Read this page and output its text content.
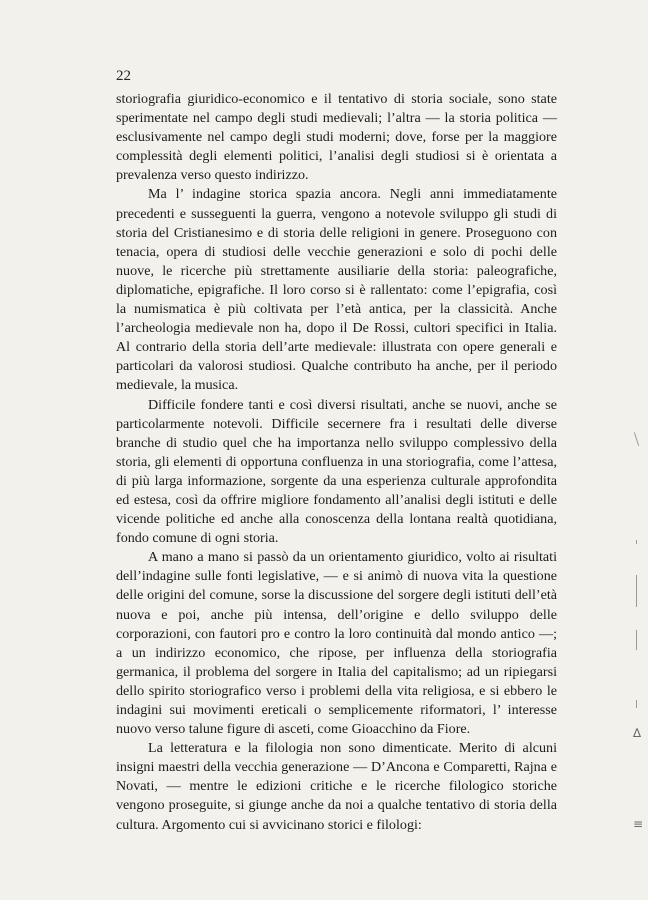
22

storiografia giuridico-economico e il tentativo di storia sociale, sono state sperimentate nel campo degli studi medievali; l’altra — la storia politica — esclusivamente nel campo degli studi moderni; dove, forse per la maggiore complessità degli elementi politici, l’analisi degli studiosi si è orientata a prevalenza verso questo indirizzo.

Ma l’ indagine storica spazia ancora. Negli anni immediatamente precedenti e susseguenti la guerra, vengono a notevole sviluppo gli studi di storia del Cristianesimo e di storia delle religioni in genere. Proseguono con tenacia, opera di studiosi delle vecchie generazioni e solo di pochi delle nuove, le ricerche più strettamente ausiliarie della storia: paleografiche, diplomatiche, epigrafiche. Il loro corso si è rallentato: come l’epigrafia, così la numismatica è più coltivata per l’età antica, per la classicità. Anche l’archeologia medievale non ha, dopo il De Rossi, cultori specifici in Italia. Al contrario della storia dell’arte medievale: illustrata con opere generali e particolari da valorosi studiosi. Qualche contributo ha anche, per il periodo medievale, la musica.

Difficile fondere tanti e così diversi risultati, anche se nuovi, anche se particolarmente notevoli. Difficile secernere fra i resultati delle diverse branche di studio quel che ha importanza nello sviluppo complessivo della storia, gli elementi di opportuna confluenza in una storiografia, come l’attesa, di più larga informazione, sorgente da una esperienza culturale approfondita ed estesa, così da offrire migliore fondamento all’analisi degli istituti e delle vicende politiche ed anche alla conoscenza della lontana realtà quotidiana, fondo comune di ogni storia.

A mano a mano si passò da un orientamento giuridico, volto ai risultati dell’indagine sulle fonti legislative, — e si animò di nuova vita la questione delle origini del comune, sorse la discussione del sorgere degli istituti dell’età nuova e poi, anche più intensa, dell’origine e dello sviluppo delle corporazioni, con fautori pro e contro la loro continuità dal mondo antico —; a un indirizzo economico, che ripose, per influenza della storiografia germanica, il problema del sorgere in Italia del capitalismo; ad un ripiegarsi dello spirito storiografico verso i problemi della vita religiosa, e si ebbero le indagini sui movimenti ereticali o semplicemente riformatori, l’ interesse nuovo verso talune figure di asceti, come Gioacchino da Fiore.

La letteratura e la filologia non sono dimenticate. Merito di alcuni insigni maestri della vecchia generazione — D’Ancona e Comparetti, Rajna e Novati, — mentre le edizioni critiche e le ricerche filologico storiche vengono proseguite, si giunge anche da noi a qualche tentativo di storia della cultura. Argomento cui si avvicinano storici e filologi:

∆
≡
